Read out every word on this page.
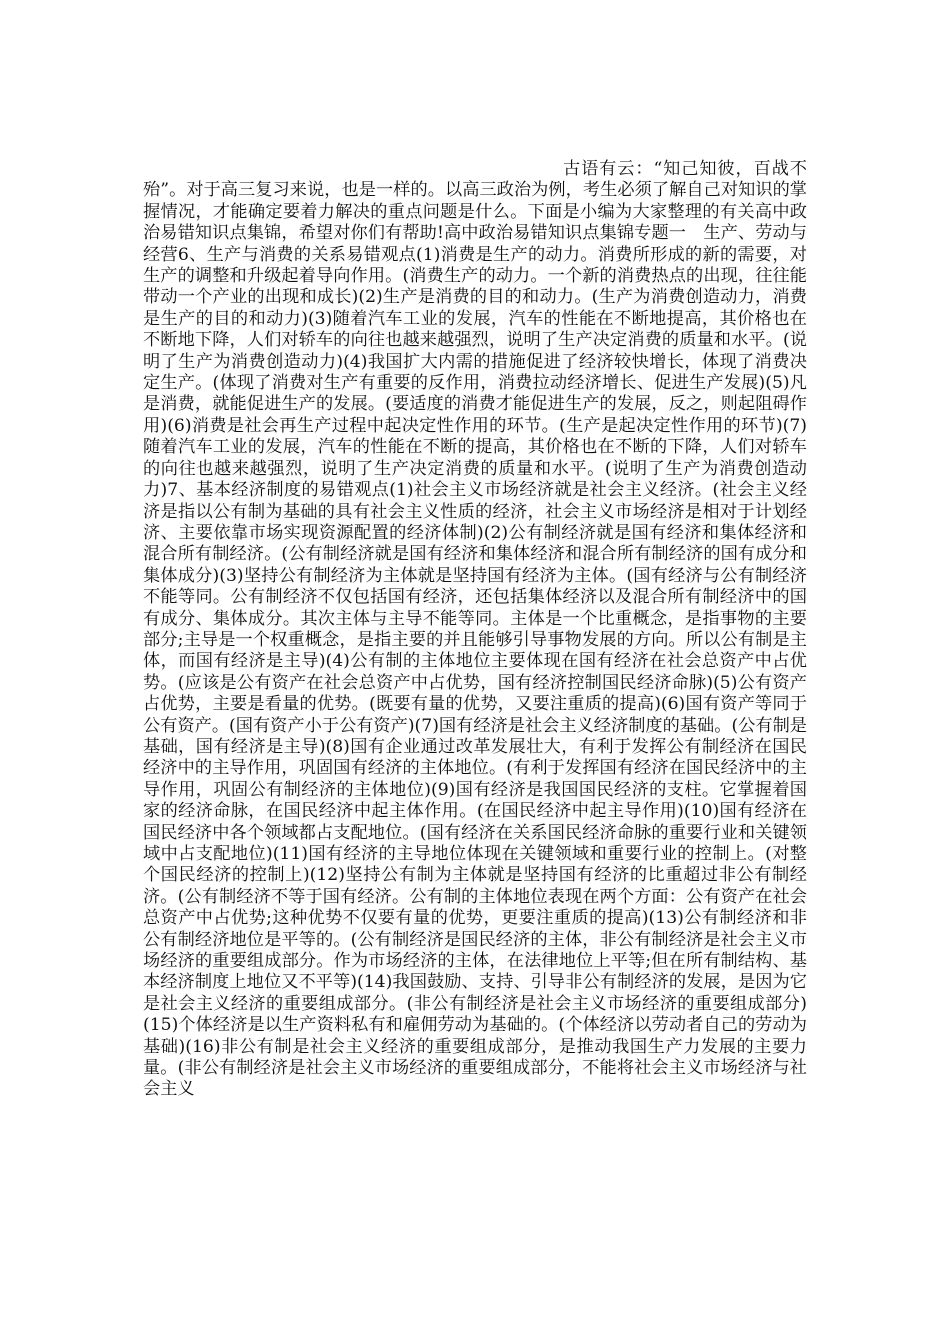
古语有云：“知己知彼，百战不殆”。对于高三复习来说，也是一样的。以高三政治为例，考生必须了解自己对知识的掌握情况，才能确定要着力解决的重点问题是什么。下面是小编为大家整理的有关高中政治易错知识点集锦，希望对你们有帮助!高中政治易错知识点集锦专题一　生产、劳动与经营6、生产与消费的关系易错观点(1)消费是生产的动力。消费所形成的新的需要，对生产的调整和升级起着导向作用。(消费生产的动力。一个新的消费热点的出现，往往能带动一个产业的出现和成长)(2)生产是消费的目的和动力。(生产为消费创造动力，消费是生产的目的和动力)(3)随着汽车工业的发展，汽车的性能在不断地提高，其价格也在不断地下降，人们对轿车的向往也越来越强烈，说明了生产决定消费的质量和水平。(说明了生产为消费创造动力)(4)我国扩大内需的措施促进了经济较快增长，体现了消费决定生产。(体现了消费对生产有重要的反作用，消费拉动经济增长、促进生产发展)(5)凡是消费，就能促进生产的发展。(要适度的消费才能促进生产的发展，反之，则起阻碍作用)(6)消费是社会再生产过程中起决定性作用的环节。(生产是起决定性作用的环节)(7)随着汽车工业的发展，汽车的性能在不断的提高，其价格也在不断的下降，人们对轿车的向往也越来越强烈，说明了生产决定消费的质量和水平。(说明了生产为消费创造动力)7、基本经济制度的易错观点(1)社会主义市场经济就是社会主义经济。(社会主义经济是指以公有制为基础的具有社会主义性质的经济，社会主义市场经济是相对于计划经济、主要依靠市场实现资源配置的经济体制)(2)公有制经济就是国有经济和集体经济和混合所有制经济。(公有制经济就是国有经济和集体经济和混合所有制经济的国有成分和集体成分)(3)坚持公有制经济为主体就是坚持国有经济为主体。(国有经济与公有制经济不能等同。公有制经济不仅包括国有经济，还包括集体经济以及混合所有制经济中的国有成分、集体成分。其次主体与主导不能等同。主体是一个比重概念，是指事物的主要部分;主导是一个权重概念，是指主要的并且能够引导事物发展的方向。所以公有制是主体，而国有经济是主导)(4)公有制的主体地位主要体现在国有经济在社会总资产中占优势。(应该是公有资产在社会总资产中占优势，国有经济控制国民经济命脉)(5)公有资产占优势，主要是看量的优势。(既要有量的优势，又要注重质的提高)(6)国有资产等同于公有资产。(国有资产小于公有资产)(7)国有经济是社会主义经济制度的基础。(公有制是基础，国有经济是主导)(8)国有企业通过改革发展壮大，有利于发挥公有制经济在国民经济中的主导作用，巩固国有经济的主体地位。(有利于发挥国有经济在国民经济中的主导作用，巩固公有制经济的主体地位)(9)国有经济是我国国民经济的支柱。它掌握着国家的经济命脉，在国民经济中起主体作用。(在国民经济中起主导作用)(10)国有经济在国民经济中各个领域都占支配地位。(国有经济在关系国民经济命脉的重要行业和关键领域中占支配地位)(11)国有经济的主导地位体现在关键领域和重要行业的控制上。(对整个国民经济的控制上)(12)坚持公有制为主体就是坚持国有经济的比重超过非公有制经济。(公有制经济不等于国有经济。公有制的主体地位表现在两个方面：公有资产在社会总资产中占优势;这种优势不仅要有量的优势，更要注重质的提高)(13)公有制经济和非公有制经济地位是平等的。(公有制经济是国民经济的主体，非公有制经济是社会主义市场经济的重要组成部分。作为市场经济的主体，在法律地位上平等;但在所有制结构、基本经济制度上地位又不平等)(14)我国鼓励、支持、引导非公有制经济的发展，是因为它是社会主义经济的重要组成部分。(非公有制经济是社会主义市场经济的重要组成部分)(15)个体经济是以生产资料私有和雇佣劳动为基础的。(个体经济以劳动者自己的劳动为基础)(16)非公有制是社会主义经济的重要组成部分，是推动我国生产力发展的主要力量。(非公有制经济是社会主义市场经济的重要组成部分，不能将社会主义市场经济与社会主义
